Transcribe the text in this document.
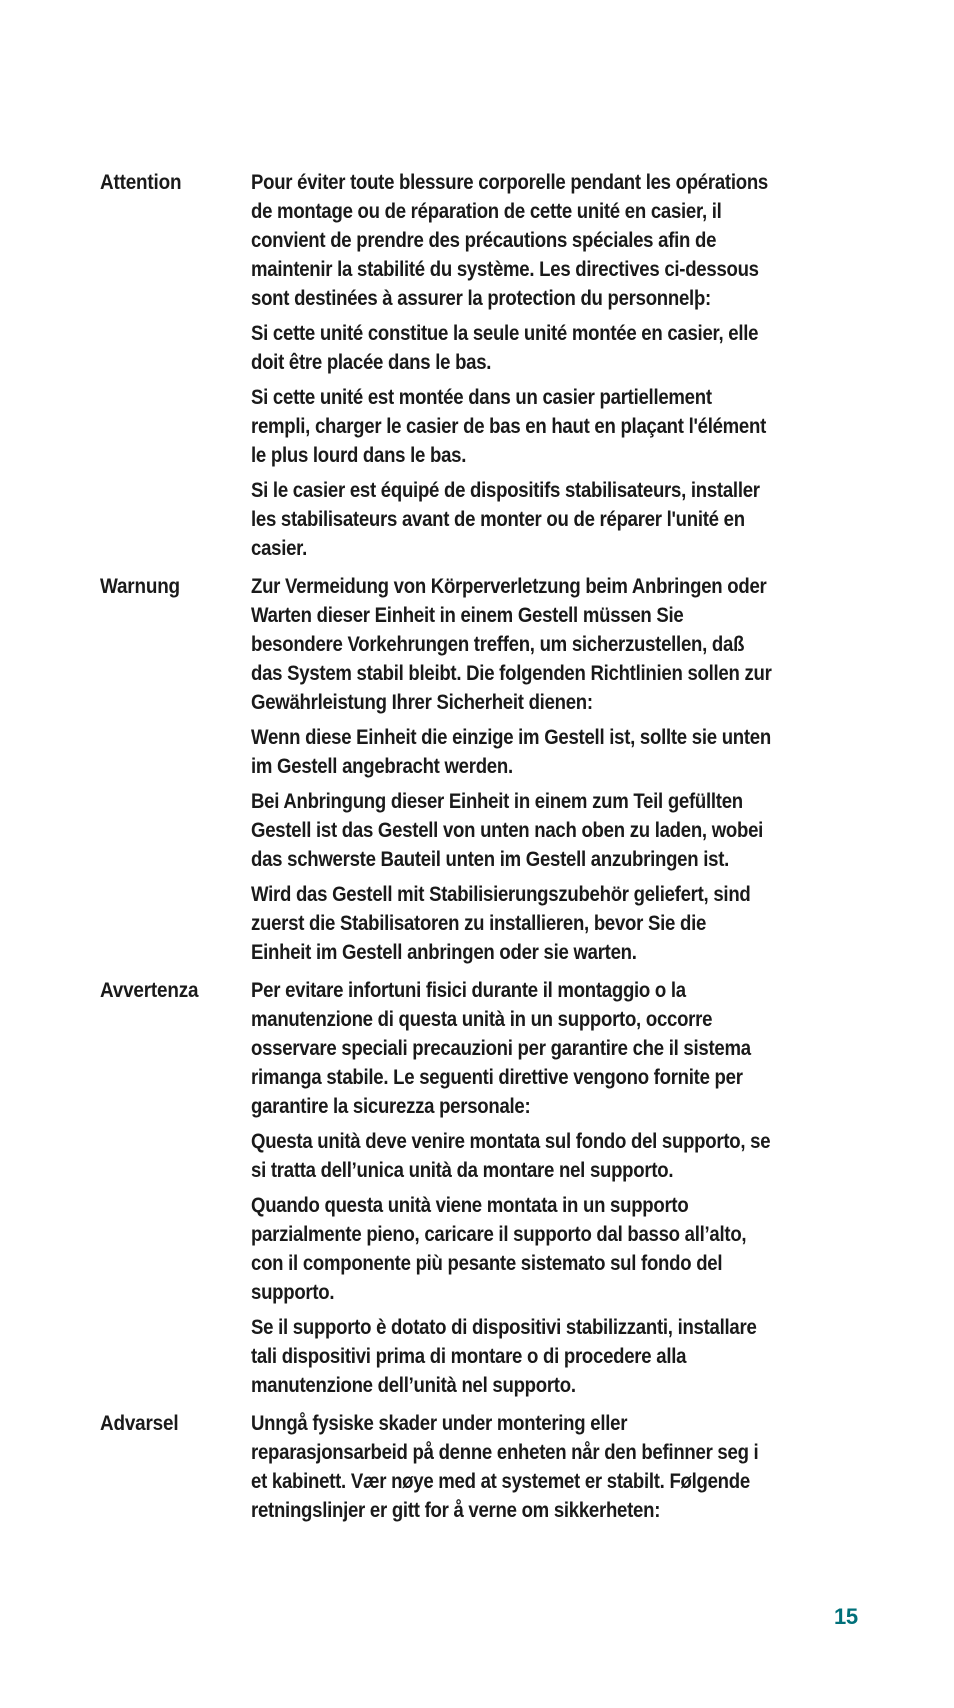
Attention	Pour éviter toute blessure corporelle pendant les opérations
de montage ou de réparation de cette unité en casier, il
convient de prendre des précautions spéciales afin de
maintenir la stabilité du système. Les directives ci-dessous
sont destinées à assurer la protection du personnelþ:
Si cette unité constitue la seule unité montée en casier, elle
doit être placée dans le bas.
Si cette unité est montée dans un casier partiellement
rempli, charger le casier de bas en haut en plaçant l'élément
le plus lourd dans le bas.
Si le casier est équipé de dispositifs stabilisateurs, installer
les stabilisateurs avant de monter ou de réparer l'unité en
casier.
Warnung	Zur Vermeidung von Körperverletzung beim Anbringen oder
Warten dieser Einheit in einem Gestell müssen Sie
besondere Vorkehrungen treffen, um sicherzustellen, daß
das System stabil bleibt. Die folgenden Richtlinien sollen zur
Gewährleistung Ihrer Sicherheit dienen:
Wenn diese Einheit die einzige im Gestell ist, sollte sie unten
im Gestell angebracht werden.
Bei Anbringung dieser Einheit in einem zum Teil gefüllten
Gestell ist das Gestell von unten nach oben zu laden, wobei
das schwerste Bauteil unten im Gestell anzubringen ist.
Wird das Gestell mit Stabilisierungszubehör geliefert, sind
zuerst die Stabilisatoren zu installieren, bevor Sie die
Einheit im Gestell anbringen oder sie warten.
Avvertenza	Per evitare infortuni fisici durante il montaggio o la
manutenzione di questa unità in un supporto, occorre
osservare speciali precauzioni per garantire che il sistema
rimanga stabile. Le seguenti direttive vengono fornite per
garantire la sicurezza personale:
Questa unità deve venire montata sul fondo del supporto, se
si tratta dell’unica unità da montare nel supporto.
Quando questa unità viene montata in un supporto
parzialmente pieno, caricare il supporto dal basso all’alto,
con il componente più pesante sistemato sul fondo del
supporto.
Se il supporto è dotato di dispositivi stabilizzanti, installare
tali dispositivi prima di montare o di procedere alla
manutenzione dell’unità nel supporto.
Advarsel	Unngå fysiske skader under montering eller
reparasjonsarbeid på denne enheten når den befinner seg i
et kabinett. Vær nøye med at systemet er stabilt. Følgende
retningslinjer er gitt for å verne om sikkerheten:
15
